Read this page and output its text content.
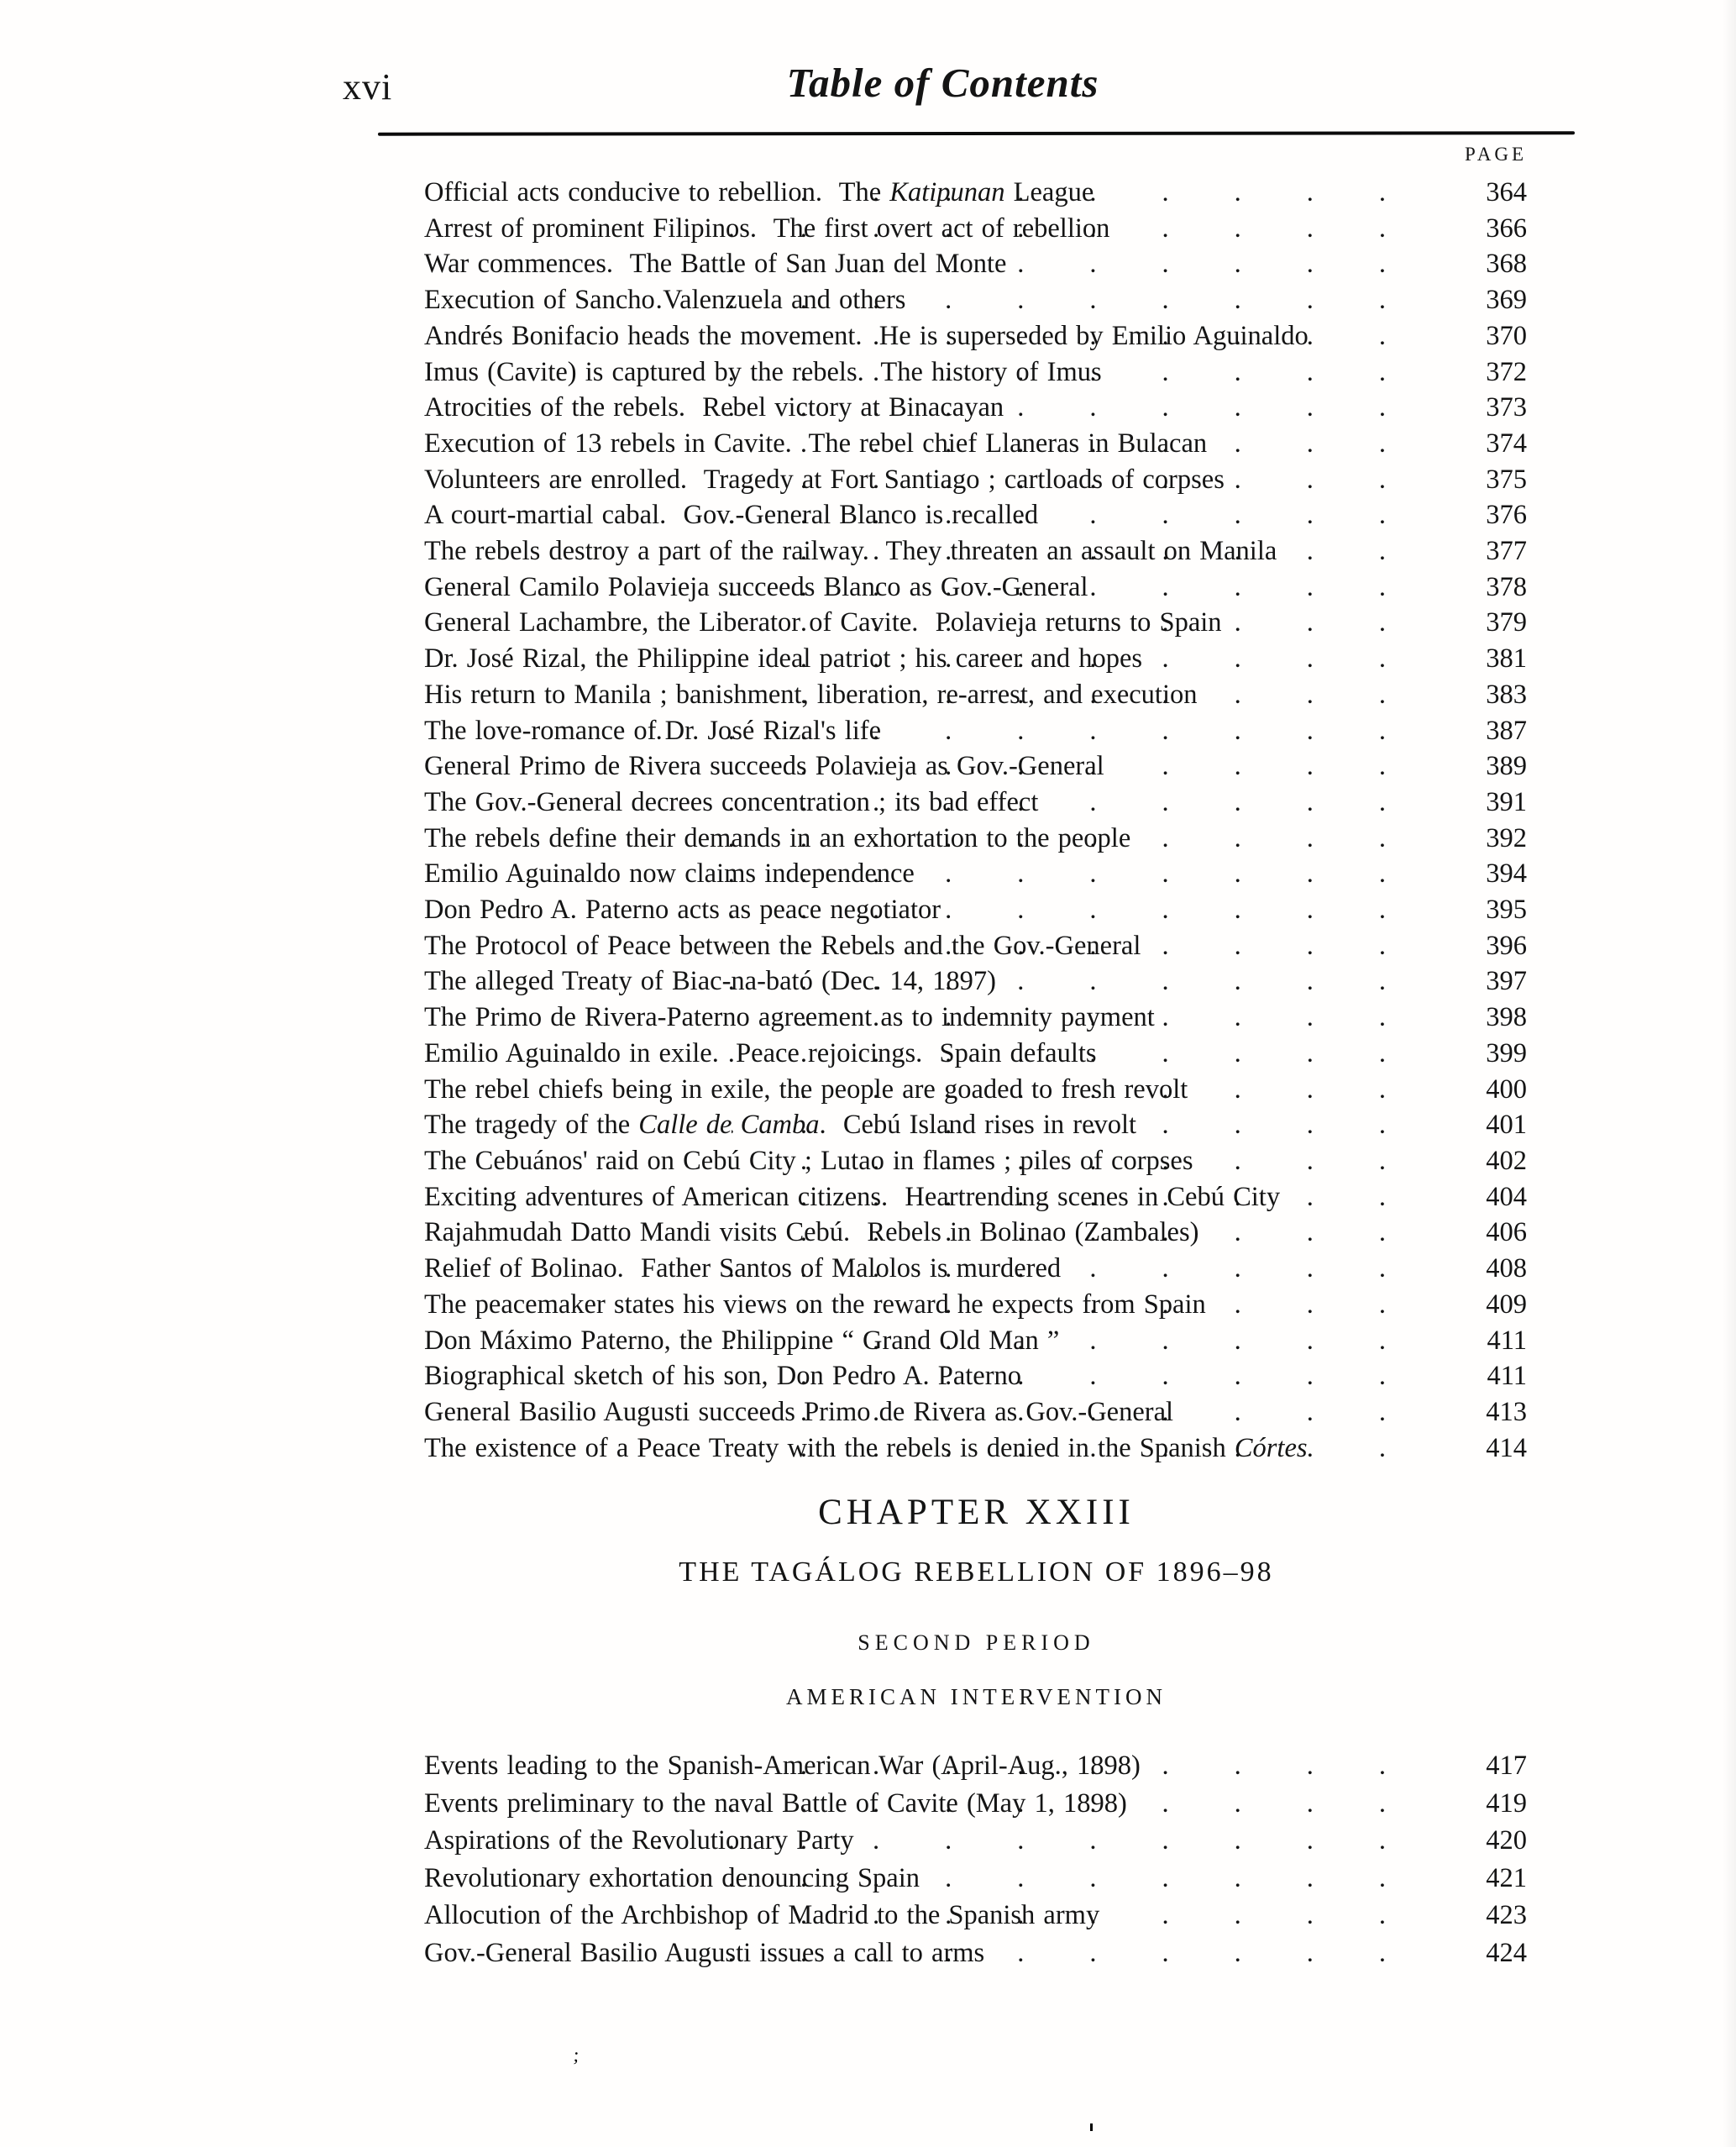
xvi	Table of Contents
PAGE
Official acts conducive to rebellion.  The Katipunan League .....	364
Arrest of prominent Filipinos.  The first overt act of rebellion .....	366
War commences.  The Battle of San Juan del Monte .....	368
Execution of Sancho Valenzuela and others .....	369
Andrés Bonifacio heads the movement.  He is superseded by Emilio Aguinaldo .....	370
Imus (Cavite) is captured by the rebels.  The history of Imus .....	372
Atrocities of the rebels.  Rebel victory at Binacayan .....	373
Execution of 13 rebels in Cavite.  The rebel chief Llaneras in Bulacan .....	374
Volunteers are enrolled.  Tragedy at Fort Santiago ; cartloads of corpses .....	375
A court-martial cabal.  Gov.-General Blanco is recalled .....	376
The rebels destroy a part of the railway.  They threaten an assault on Manila .....	377
General Camilo Polavieja succeeds Blanco as Gov.-General .....	378
General Lachambre, the Liberator of Cavite.  Polavieja returns to Spain .....	379
Dr. José Rizal, the Philippine ideal patriot ; his career and hopes .....	381
His return to Manila ; banishment, liberation, re-arrest, and execution .....	383
The love-romance of Dr. José Rizal's life .....	387
General Primo de Rivera succeeds Polavieja as Gov.-General .....	389
The Gov.-General decrees concentration ; its bad effect .....	391
The rebels define their demands in an exhortation to the people .....	392
Emilio Aguinaldo now claims independence .....	394
Don Pedro A. Paterno acts as peace negotiator .....	395
The Protocol of Peace between the Rebels and the Gov.-General .....	396
The alleged Treaty of Biac-na-bató (Dec. 14, 1897) .....	397
The Primo de Rivera-Paterno agreement as to indemnity payment .....	398
Emilio Aguinaldo in exile.  Peace rejoicings.  Spain defaults .....	399
The rebel chiefs being in exile, the people are goaded to fresh revolt .....	400
The tragedy of the Calle de Camba.  Cebú Island rises in revolt .....	401
The Cebuános' raid on Cebú City ; Lutao in flames ; piles of corpses .....	402
Exciting adventures of American citizens.  Heartrending scenes in Cebú City .....	404
Rajahmudah Datto Mandi visits Cebú.  Rebels in Bolinao (Zambales) .....	406
Relief of Bolinao.  Father Santos of Malolos is murdered .....	408
The peacemaker states his views on the reward he expects from Spain .....	409
Don Máximo Paterno, the Philippine “ Grand Old Man ” .....	411
Biographical sketch of his son, Don Pedro A. Paterno .....	411
General Basilio Augusti succeeds Primo de Rivera as Gov.-General .....	413
The existence of a Peace Treaty with the rebels is denied in the Spanish Córtes .....	414
CHAPTER XXIII
THE TAGÁLOG REBELLION OF 1896–98
SECOND PERIOD
AMERICAN INTERVENTION
Events leading to the Spanish-American War (April-Aug., 1898) .....	417
Events preliminary to the naval Battle of Cavite (May 1, 1898) .....	419
Aspirations of the Revolutionary Party .....	420
Revolutionary exhortation denouncing Spain .....	421
Allocution of the Archbishop of Madrid to the Spanish army .....	423
Gov.-General Basilio Augusti issues a call to arms .....	424
;
